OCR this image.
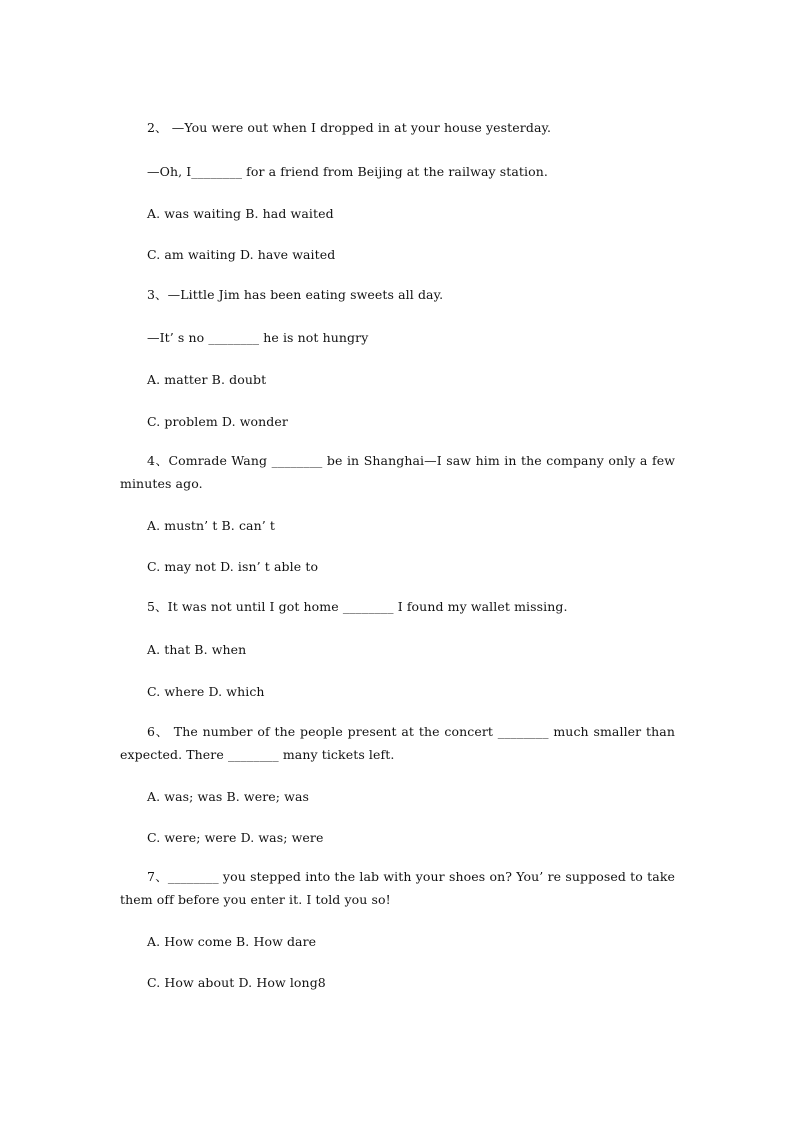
2、 —You were out when I dropped in at your house yesterday.
—Oh, I________ for a friend from Beijing at the railway station.
A. was waiting B. had waited
C. am waiting D. have waited
3、—Little Jim has been eating sweets all day.
—It’ s no ________ he is not hungry
A. matter B. doubt
C. problem D. wonder
4、Comrade Wang ________ be in Shanghai—I saw him in the company only a few minutes ago.
A. mustn’ t B. can’ t
C. may not D. isn’ t able to
5、It was not until I got home ________ I found my wallet missing.
A. that B. when
C. where D. which
6、 The number of the people present at the concert ________ much smaller than expected. There ________ many tickets left.
A. was; was B. were; was
C. were; were D. was; were
7、________ you stepped into the lab with your shoes on? You’ re supposed to take them off before you enter it. I told you so!
A. How come B. How dare
C. How about D. How long8
